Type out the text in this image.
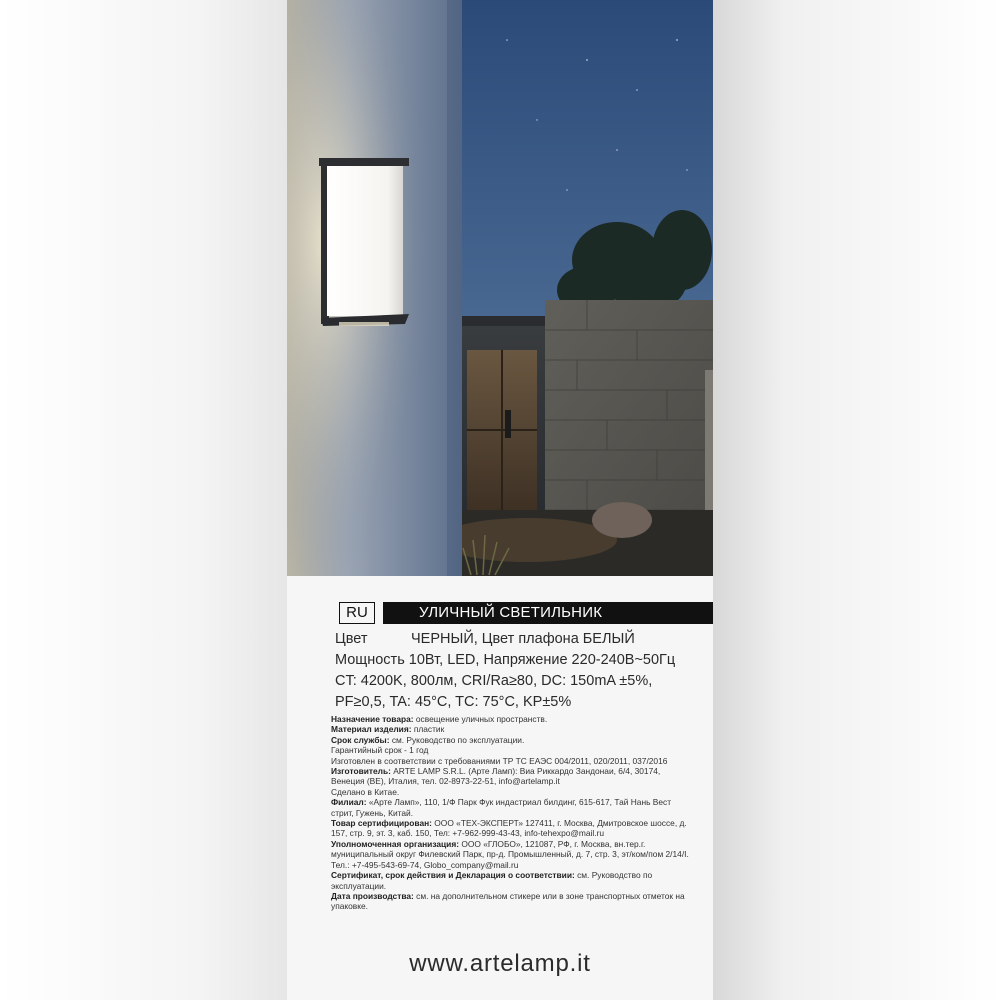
RU	УЛИЧНЫЙ СВЕТИЛЬНИК
Цвет	ЧЕРНЫЙ, Цвет плафона БЕЛЫЙ
Мощность 10Вт, LED, Напряжение 220-240В~50Гц
CT: 4200K, 800лм, CRI/Ra≥80, DC: 150mA ±5%,
PF≥0,5, TA: 45°C, TC: 75°C, KP±5%

Назначение товара: освещение уличных пространств.

Материал изделия: пластик

Срок службы: см. Руководство по эксплуатации.

Гарантийный срок - 1 год

Изготовлен в соответствии с требованиями ТР ТС ЕАЭС 004/2011, 020/2011, 037/2016

Изготовитель: ARTE LAMP S.R.L. (Арте Ламп): Виа Риккардо Зандонаи, 6/4, 30174, Венеция (ВЕ), Италия, тел. 02-8973-22-51, info@artelamp.it

Сделано в Китае.

Филиал: «Арте Ламп», 110, 1/Ф Парк Фук индастриал билдинг, 615-617, Тай Нань Вест стрит, Гужень, Китай.

Товар сертифицирован: ООО «ТЕХ-ЭКСПЕРТ» 127411, г. Москва, Дмитровское шоссе, д. 157, стр. 9, эт. 3, каб. 150, Тел: +7-962-999-43-43, info-tehexpo@mail.ru

Уполномоченная организация: ООО «ГЛОБО», 121087, РФ, г. Москва, вн.тер.г. муниципальный округ Филевский Парк, пр-д. Промышленный, д. 7, стр. 3, эт/ком/пом 2/14/I. Тел.: +7-495-543-69-74, Globo_company@mail.ru

Сертификат, срок действия и Декларация о соответствии: см. Руководство по эксплуатации.

Дата производства: см. на дополнительном стикере или в зоне транспортных отметок на упаковке.

www.artelamp.it
